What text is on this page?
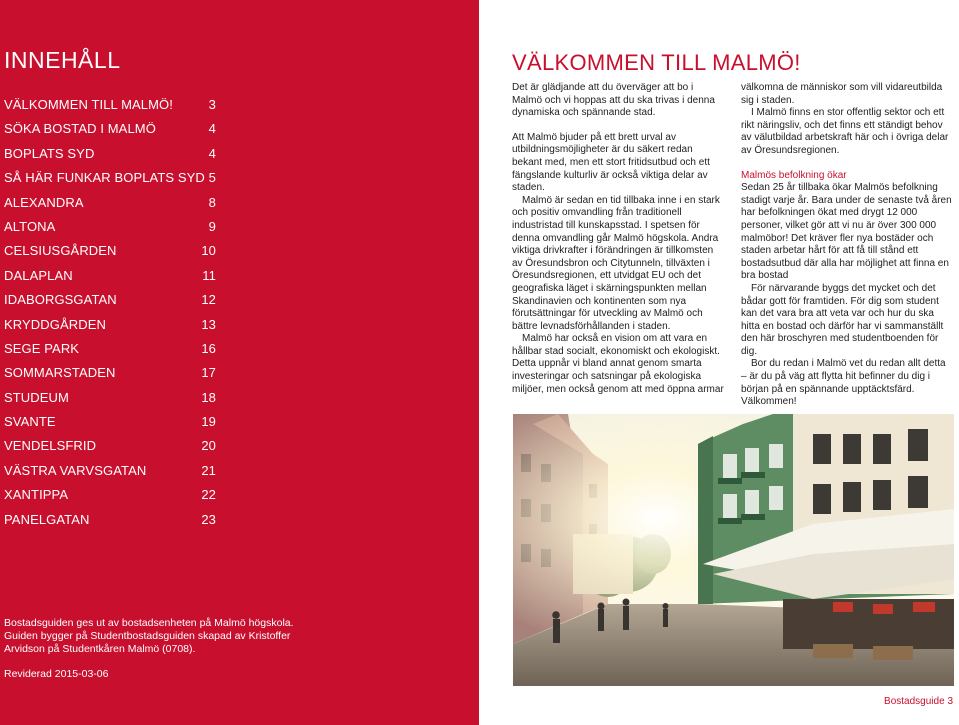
INNEHÅLL
VÄLKOMMEN TILL MALMÖ!	3
SÖKA BOSTAD I MALMÖ	4
BOPLATS SYD	4
SÅ HÄR FUNKAR BOPLATS SYD 5
ALEXANDRA	8
ALTONA	9
CELSIUSGÅRDEN	10
DALAPLAN	11
IDABORGSGATAN	12
KRYDDGÅRDEN	13
SEGE PARK	16
SOMMARSTADEN	17
STUDEUM	18
SVANTE	19
VENDELSFRID	20
VÄSTRA VARVSGATAN	21
XANTIPPA	22
PANELGATAN	23
Bostadsguiden ges ut av bostadsenheten på Malmö högskola. Guiden bygger på Studentbostadsguiden skapad av Kristoffer Arvidson på Studentkåren Malmö (0708).
Reviderad 2015-03-06
VÄLKOMMEN TILL MALMÖ!

Det är glädjande att du överväger att bo i Malmö och vi hoppas att du ska trivas i denna dynamiska och spännande stad.

Att Malmö bjuder på ett brett urval av utbildningsmöjligheter är du säkert redan bekant med, men ett stort fritidsutbud och ett fängslande kulturliv är också viktiga delar av staden.

Malmö är sedan en tid tillbaka inne i en stark och positiv omvandling från traditionell industristad till kunskapsstad. I spetsen för denna omvandling går Malmö högskola. Andra viktiga drivkrafter i förändringen är tillkomsten av Öresundsbron och Citytunneln, tillväxten i Öresundsregionen, ett utvidgat EU och det geografiska läget i skärningspunkten mellan Skandinavien och kontinenten som nya förutsättningar för utveckling av Malmö och bättre levnadsförhållanden i staden.

Malmö har också en vision om att vara en hållbar stad socialt, ekonomiskt och ekologiskt. Detta uppnår vi bland annat genom smarta investeringar och satsningar på ekologiska miljöer, men också genom att med öppna armar

välkomna de människor som vill vidareutbilda sig i staden.

I Malmö finns en stor offentlig sektor och ett rikt näringsliv, och det finns ett ständigt behov av välutbildad arbetskraft här och i övriga delar av Öresundsregionen.

Malmös befolkning ökar

Sedan 25 år tillbaka ökar Malmös befolkning stadigt varje år. Bara under de senaste två åren har befolkningen ökat med drygt 12 000 personer, vilket gör att vi nu är över 300 000 malmöbor! Det kräver fler nya bostäder och staden arbetar hårt för att få till stånd ett bostadsutbud där alla har möjlighet att finna en bra bostad

För närvarande byggs det mycket och det bådar gott för framtiden. För dig som student kan det vara bra att veta var och hur du ska hitta en bostad och därför har vi sammanställt den här broschyren med studentboenden för dig.

Bor du redan i Malmö vet du redan allt detta – är du på väg att flytta hit befinner du dig i början på en spännande upptäcktsfärd. Välkommen!

Bostadsguide 3
